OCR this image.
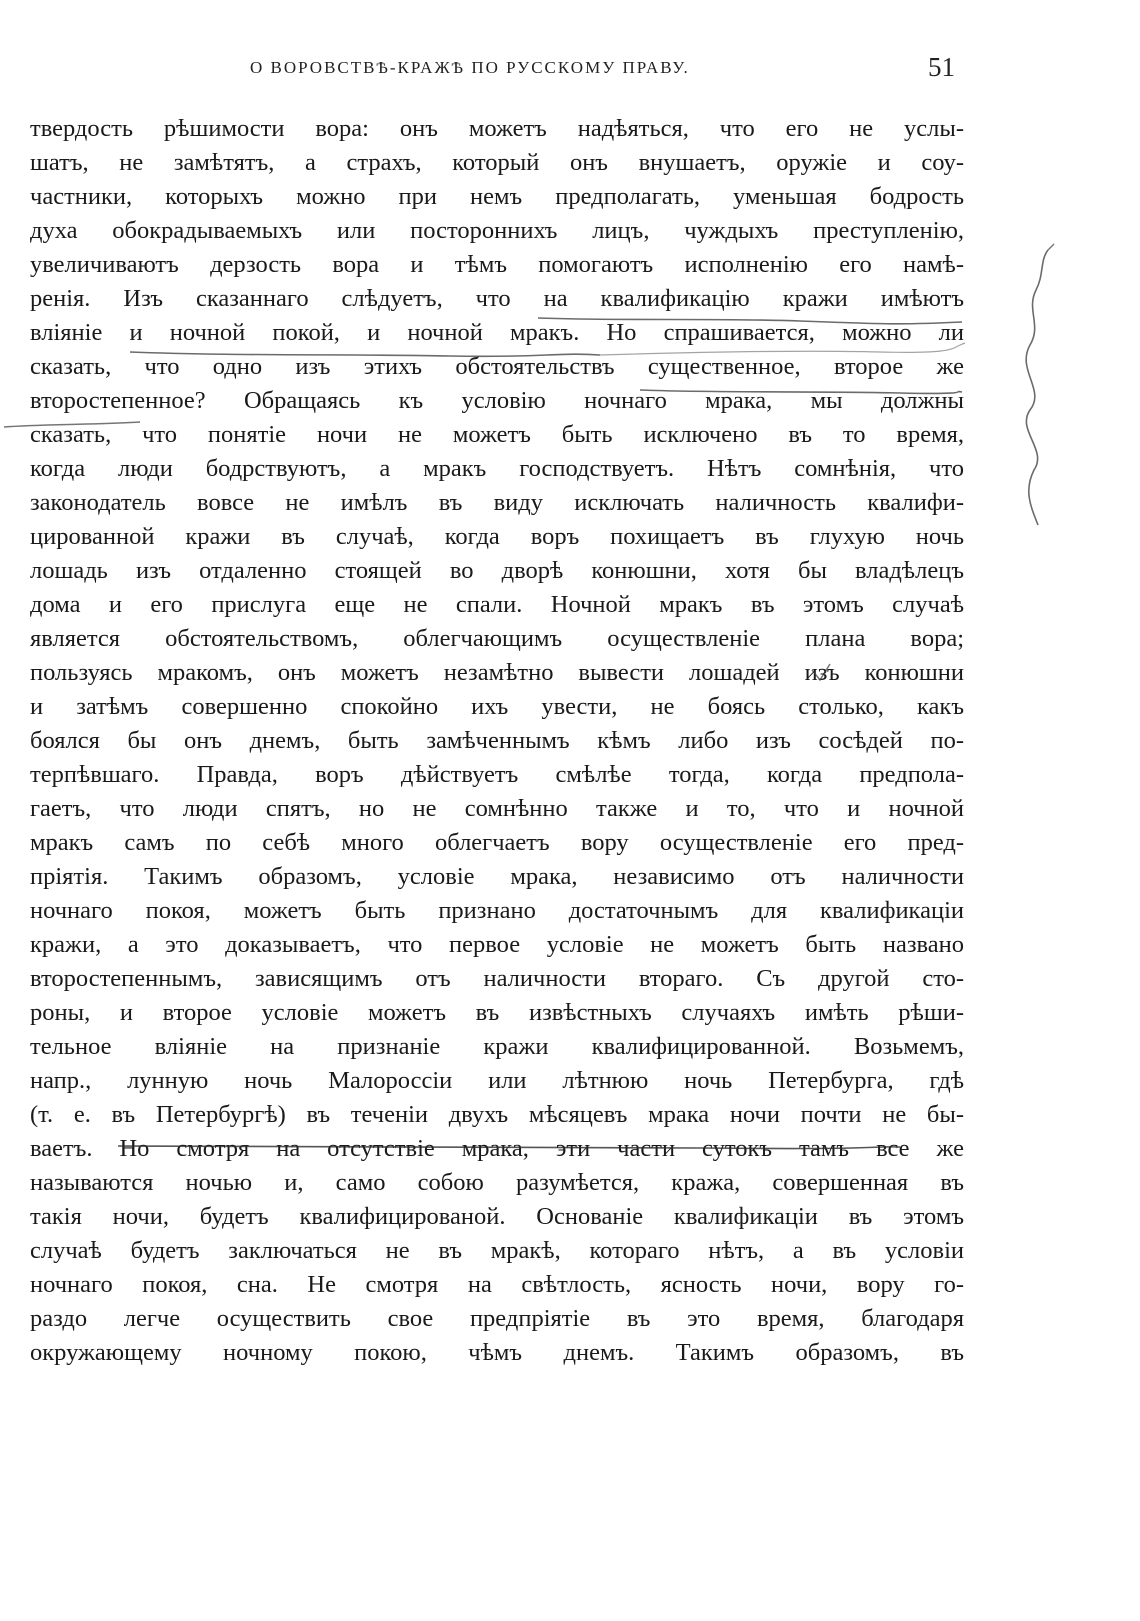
О ВОРОВСТВѢ-КРАЖѢ ПО РУССКОМУ ПРАВУ.	51
твердость рѣшимости вора: онъ можетъ надѣяться, что его не услы-
шатъ, не замѣтятъ, а страхъ, который онъ внушаетъ, оружіе и соу-
частники, которыхъ можно при немъ предполагать, уменьшая бодрость
духа обокрадываемыхъ или постороннихъ лицъ, чуждыхъ преступленію,
увеличиваютъ дерзость вора и тѣмъ помогаютъ исполненію его намѣ-
ренія. Изъ сказаннаго слѣдуетъ, что на квалификацію кражи имѣютъ
вліяніе и ночной покой, и ночной мракъ. Но спрашивается, можно ли
сказать, что одно изъ этихъ обстоятельствъ существенное, второе же
второстепенное? Обращаясь къ условію ночнаго мрака, мы должны
сказать, что понятіе ночи не можетъ быть исключено въ то время,
когда люди бодрствуютъ, а мракъ господствуетъ. Нѣтъ сомнѣнія, что
законодатель вовсе не имѣлъ въ виду исключать наличность квалифи-
цированной кражи въ случаѣ, когда воръ похищаетъ въ глухую ночь
лошадь изъ отдаленно стоящей во дворѣ конюшни, хотя бы владѣлецъ
дома и его прислуга еще не спали. Ночной мракъ въ этомъ случаѣ
является обстоятельствомъ, облегчающимъ осуществленіе плана вора;
пользуясь мракомъ, онъ можетъ незамѣтно вывести лошадей изъ конюшни
и затѣмъ совершенно спокойно ихъ увести, не боясь столько, какъ
боялся бы онъ днемъ, быть замѣченнымъ кѣмъ либо изъ сосѣдей по-
терпѣвшаго. Правда, воръ дѣйствуетъ смѣлѣе тогда, когда предпола-
гаетъ, что люди спятъ, но не сомнѣнно также и то, что и ночной
мракъ самъ по себѣ много облегчаетъ вору осуществленіе его пред-
пріятія. Такимъ образомъ, условіе мрака, независимо отъ наличности
ночнаго покоя, можетъ быть признано достаточнымъ для квалификаціи
кражи, а это доказываетъ, что первое условіе не можетъ быть названо
второстепеннымъ, зависящимъ отъ наличности втораго. Съ другой сто-
роны, и второе условіе можетъ въ извѣстныхъ случаяхъ имѣть рѣши-
тельное вліяніе на признаніе кражи квалифицированной. Возьмемъ,
напр., лунную ночь Малороссіи или лѣтнюю ночь Петербурга, гдѣ
(т. е. въ Петербургѣ) въ теченіи двухъ мѣсяцевъ мрака ночи почти не бы-
ваетъ. Но смотря на отсутствіе мрака, эти части сутокъ тамъ все же
называются ночью и, само собою разумѣется, кража, совершенная въ
такія ночи, будетъ квалифицированой. Основаніе квалификаціи въ этомъ
случаѣ будетъ заключаться не въ мракѣ, котораго нѣтъ, а въ условіи
ночнаго покоя, сна. Не смотря на свѣтлость, ясность ночи, вору го-
раздо легче осуществить свое предпріятіе въ это время, благодаря
окружающему ночному покою, чѣмъ днемъ. Такимъ образомъ, въ
